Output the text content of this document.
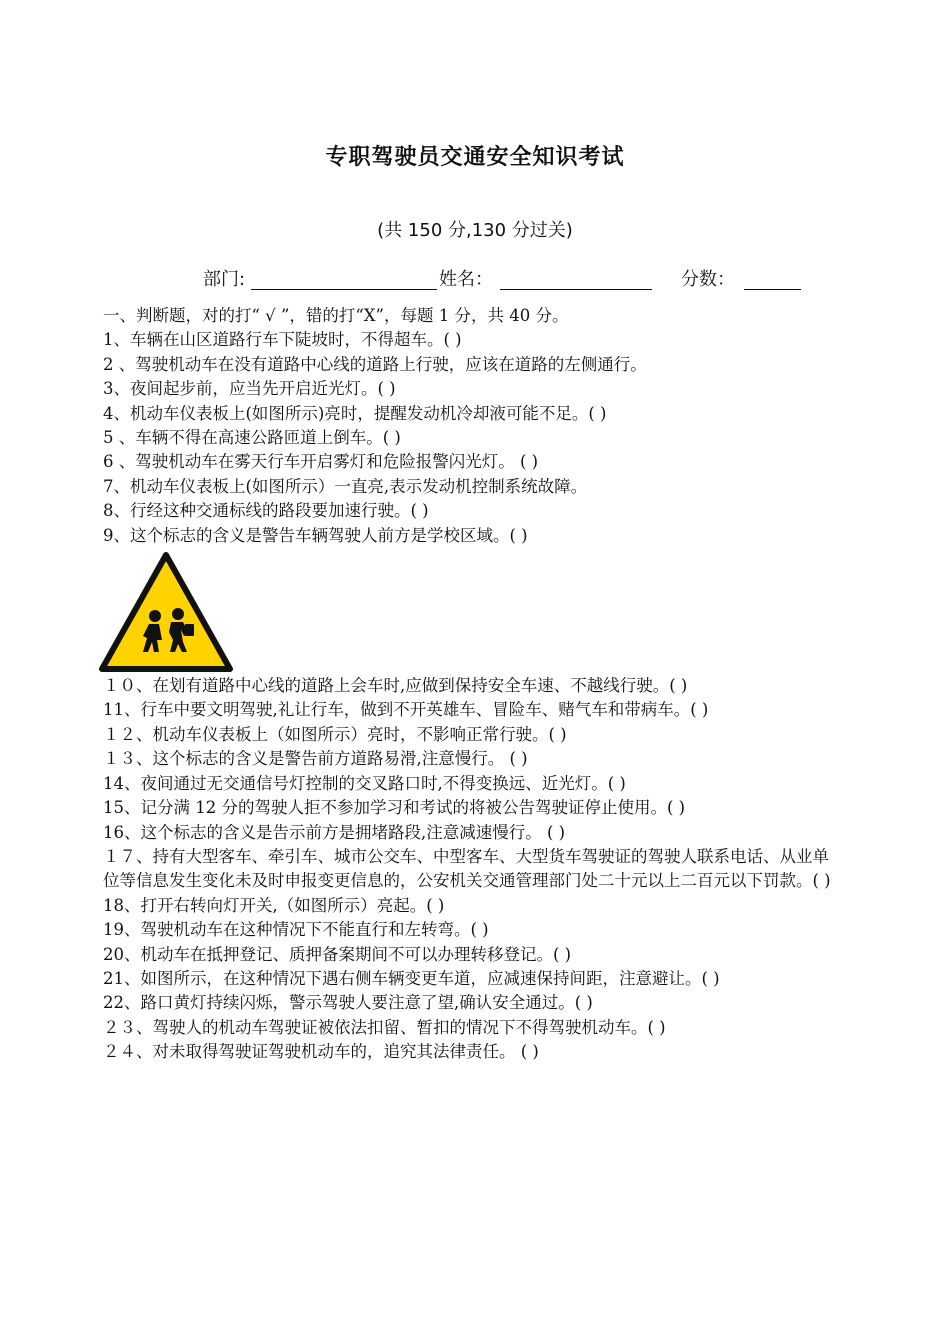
专职驾驶员交通安全知识考试
(共 150 分,130 分过关)
部门:	姓名：	分数：
一、判断题，对的打“ √ ”，错的打“X”，每题 1 分，共 40 分。
1、车辆在山区道路行车下陡坡时，不得超车。( )
2 、驾驶机动车在没有道路中心线的道路上行驶，应该在道路的左侧通行。
3、夜间起步前，应当先开启近光灯。( )
4、机动车仪表板上(如图所示)亮时，提醒发动机冷却液可能不足。( )
5 、车辆不得在高速公路匝道上倒车。( )
6 、驾驶机动车在雾天行车开启雾灯和危险报警闪光灯。 ( )
7、机动车仪表板上(如图所示）一直亮,表示发动机控制系统故障。
8、行经这种交通标线的路段要加速行驶。( )
9、这个标志的含义是警告车辆驾驶人前方是学校区域。( )
１０、在划有道路中心线的道路上会车时,应做到保持安全车速、不越线行驶。( )
11、行车中要文明驾驶,礼让行车，做到不开英雄车、冒险车、赌气车和带病车。( )
１２、机动车仪表板上（如图所示）亮时，不影响正常行驶。( )
１３、这个标志的含义是警告前方道路易滑,注意慢行。 ( )
14、夜间通过无交通信号灯控制的交叉路口时,不得变换远、近光灯。( )
15、记分满 12 分的驾驶人拒不参加学习和考试的将被公告驾驶证停止使用。( )
16、这个标志的含义是告示前方是拥堵路段,注意减速慢行。 ( )
１７、持有大型客车、牵引车、城市公交车、中型客车、大型货车驾驶证的驾驶人联系电话、从业单位等信息发生变化未及时申报变更信息的，公安机关交通管理部门处二十元以上二百元以下罚款。( )
18、打开右转向灯开关,（如图所示）亮起。( )
19、驾驶机动车在这种情况下不能直行和左转弯。( )
20、机动车在抵押登记、质押备案期间不可以办理转移登记。( )
21、如图所示，在这种情况下遇右侧车辆变更车道，应减速保持间距，注意避让。( )
22、路口黄灯持续闪烁，警示驾驶人要注意了望,确认安全通过。( )
２３、驾驶人的机动车驾驶证被依法扣留、暂扣的情况下不得驾驶机动车。( )
２４、对未取得驾驶证驾驶机动车的，追究其法律责任。 ( )
